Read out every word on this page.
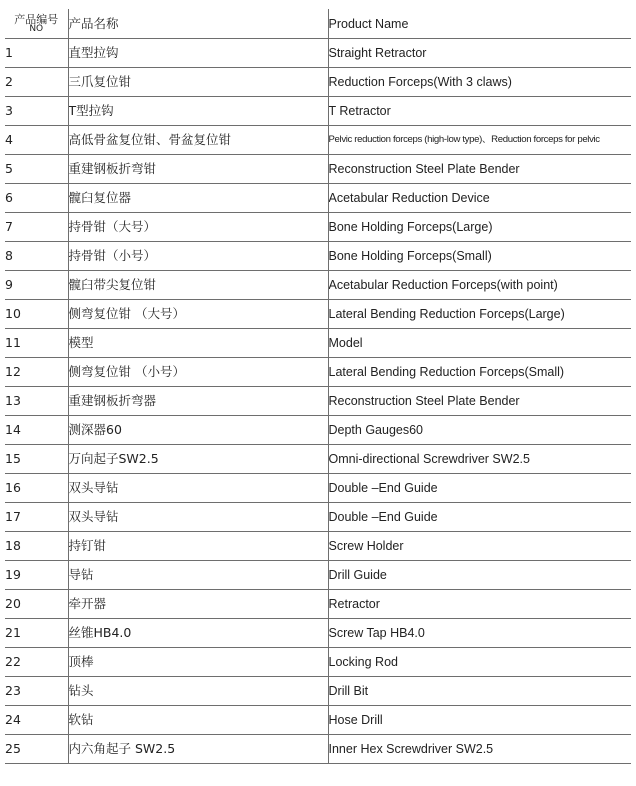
产品编号
NO	产品名称	Product Name
1	直型拉钩	Straight Retractor
2	三爪复位钳	Reduction Forceps(With 3 claws)
3	T型拉钩	T Retractor
4	高低骨盆复位钳、骨盆复位钳	Pelvic reduction forceps (high-low type)、Reduction forceps for pelvic
5	重建钢板折弯钳	Reconstruction Steel Plate Bender
6	髋臼复位器	Acetabular Reduction Device
7	持骨钳（大号）	Bone Holding Forceps(Large)
8	持骨钳（小号）	Bone Holding Forceps(Small)
9	髋臼带尖复位钳	Acetabular Reduction Forceps(with point)
10	侧弯复位钳 （大号）	Lateral Bending Reduction Forceps(Large)
11	模型	Model
12	侧弯复位钳 （小号）	Lateral Bending Reduction Forceps(Small)
13	重建钢板折弯器	Reconstruction Steel Plate Bender
14	测深器60	Depth Gauges60
15	万向起子SW2.5	Omni-directional Screwdriver SW2.5
16	双头导钻	Double –End Guide
17	双头导钻	Double –End Guide
18	持钉钳	Screw Holder
19	导钻	Drill Guide
20	牵开器	Retractor
21	丝锥HB4.0	Screw Tap HB4.0
22	顶棒	Locking Rod
23	钻头	Drill Bit
24	软钻	Hose Drill
25	内六角起子 SW2.5	Inner Hex Screwdriver SW2.5
